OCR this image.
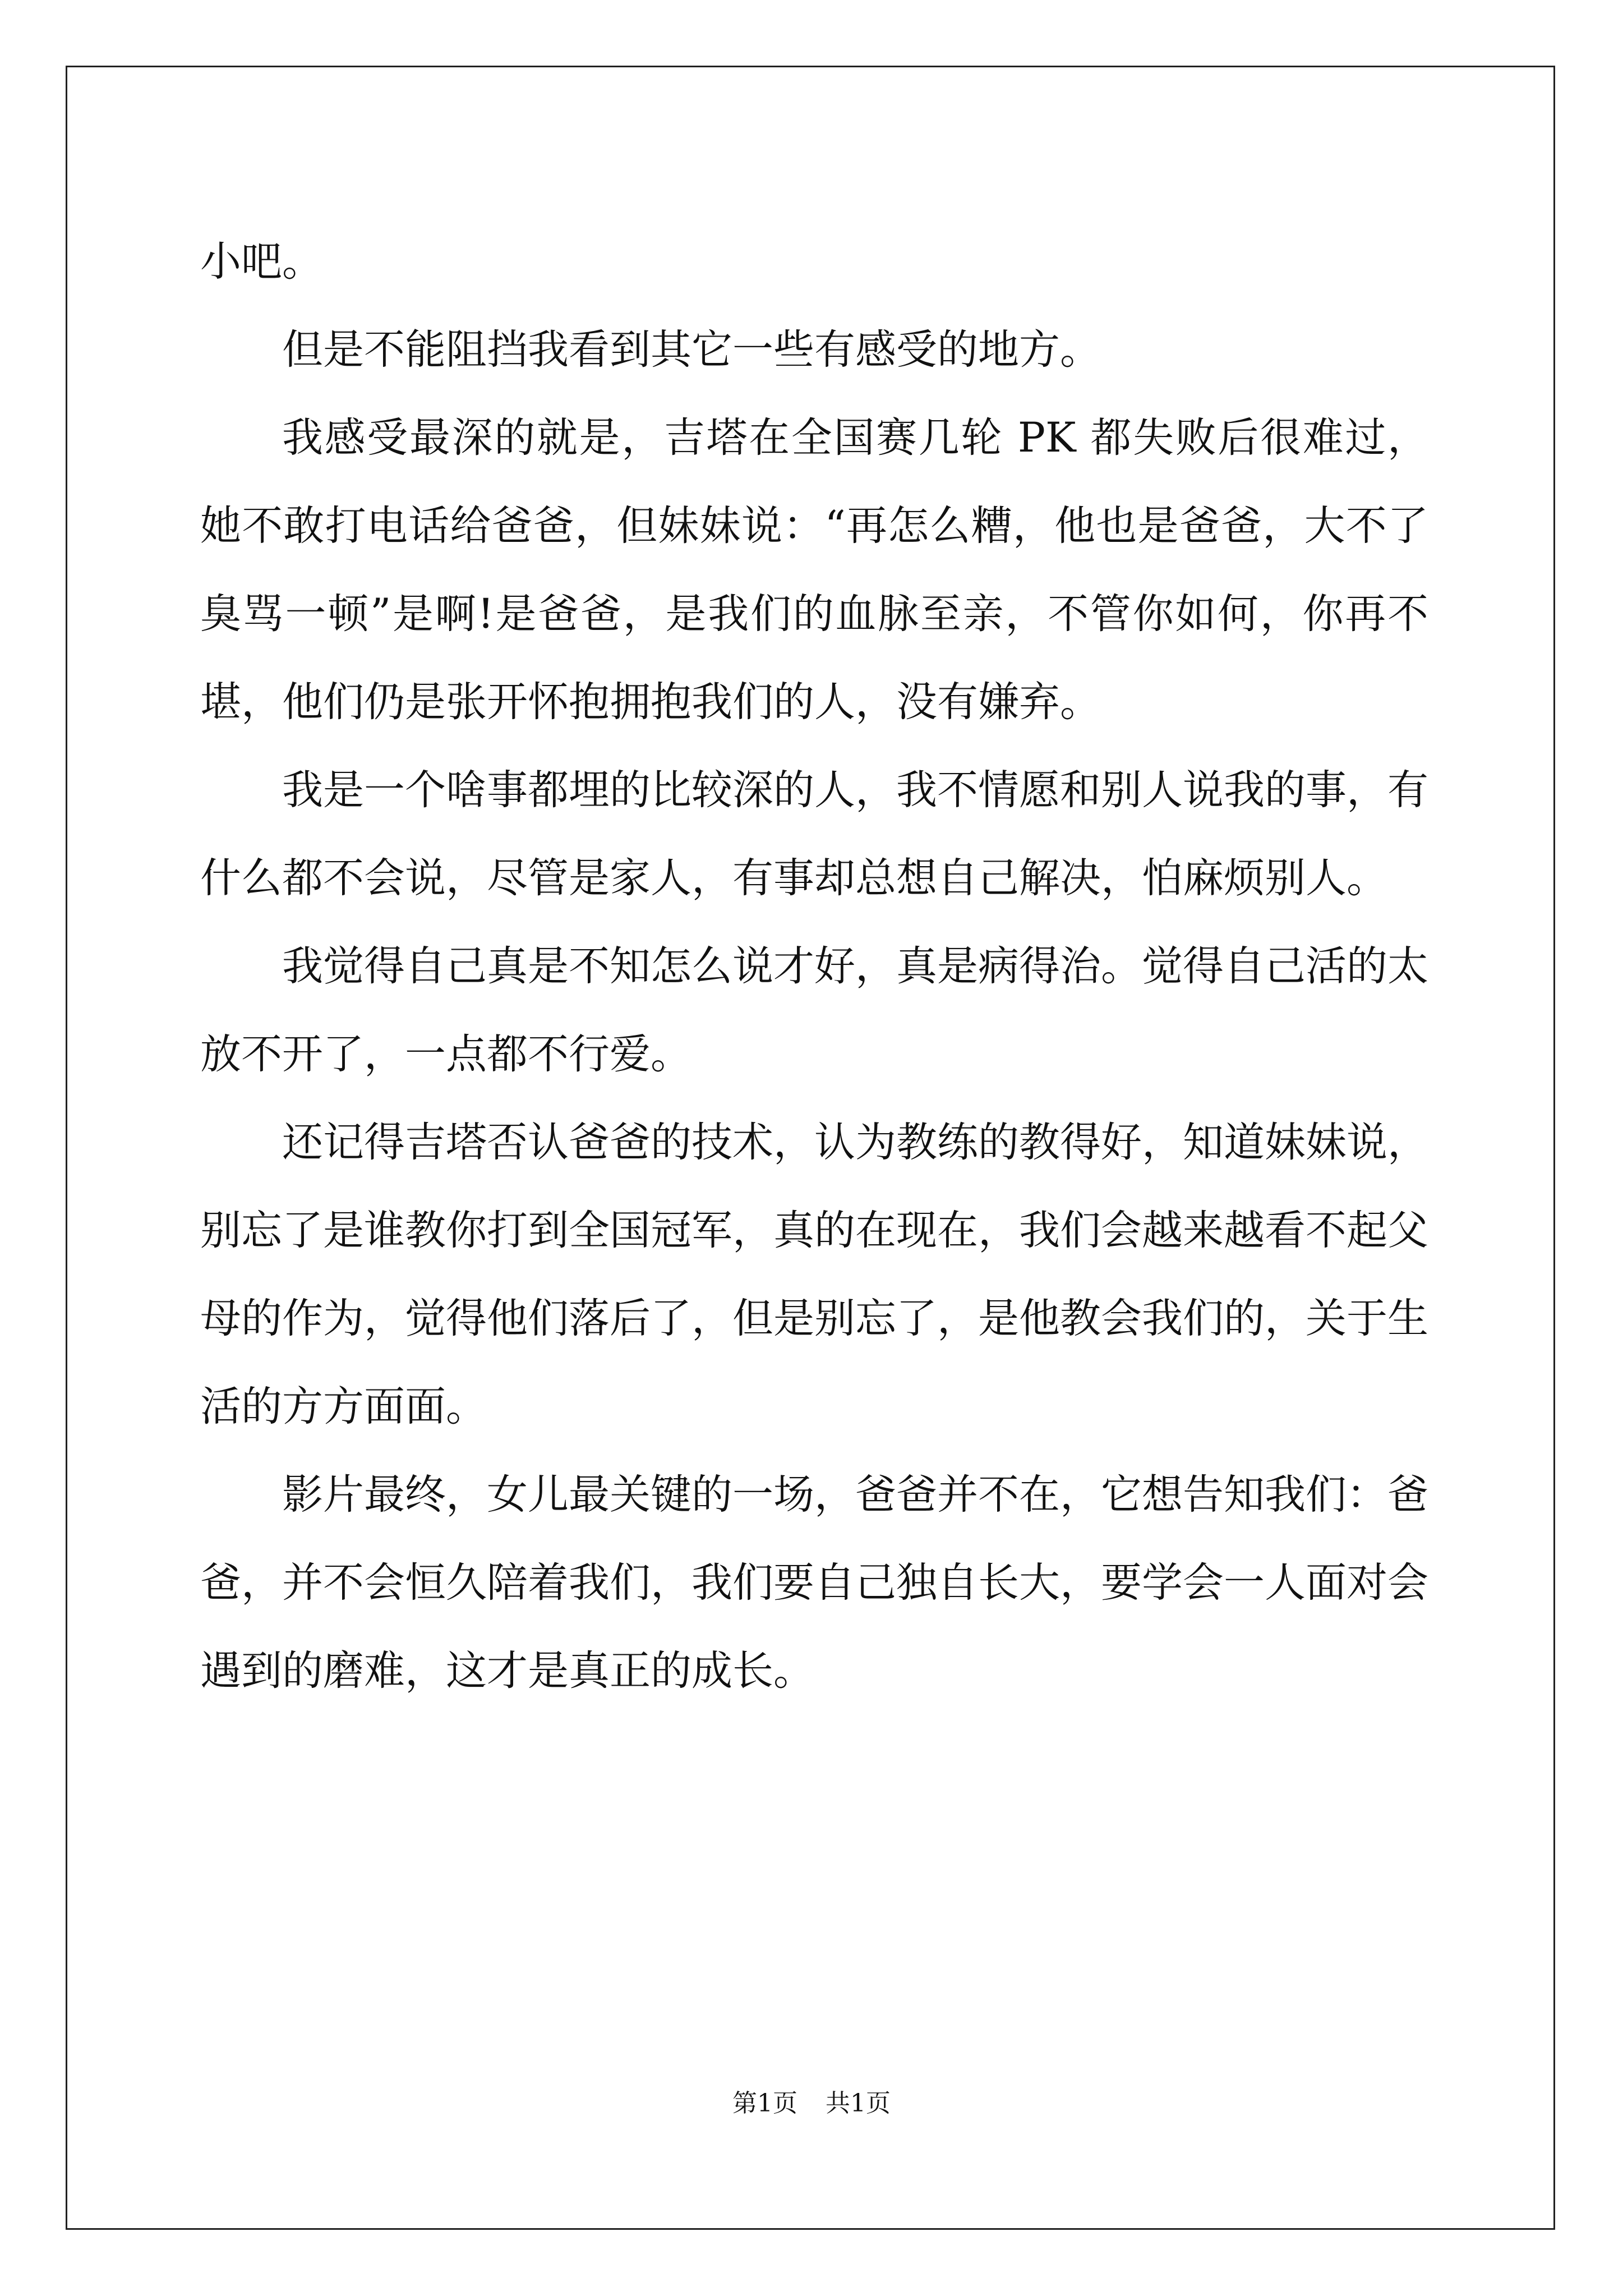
小吧。

但是不能阻挡我看到其它一些有感受的地方。

我感受最深的就是，吉塔在全国赛几轮 PK 都失败后很难过，她不敢打电话给爸爸，但妹妹说：“再怎么糟，他也是爸爸，大不了臭骂一顿”是啊!是爸爸，是我们的血脉至亲，不管你如何，你再不堪，他们仍是张开怀抱拥抱我们的人，没有嫌弃。

我是一个啥事都埋的比较深的人，我不情愿和别人说我的事，有什么都不会说，尽管是家人，有事却总想自己解决，怕麻烦别人。

我觉得自己真是不知怎么说才好，真是病得治。觉得自己活的太放不开了，一点都不行爱。

还记得吉塔否认爸爸的技术，认为教练的教得好，知道妹妹说，别忘了是谁教你打到全国冠军，真的在现在，我们会越来越看不起父母的作为，觉得他们落后了，但是别忘了，是他教会我们的，关于生活的方方面面。

影片最终，女儿最关键的一场，爸爸并不在，它想告知我们：爸爸，并不会恒久陪着我们，我们要自己独自长大，要学会一人面对会遇到的磨难，这才是真正的成长。

第1页 共1页
